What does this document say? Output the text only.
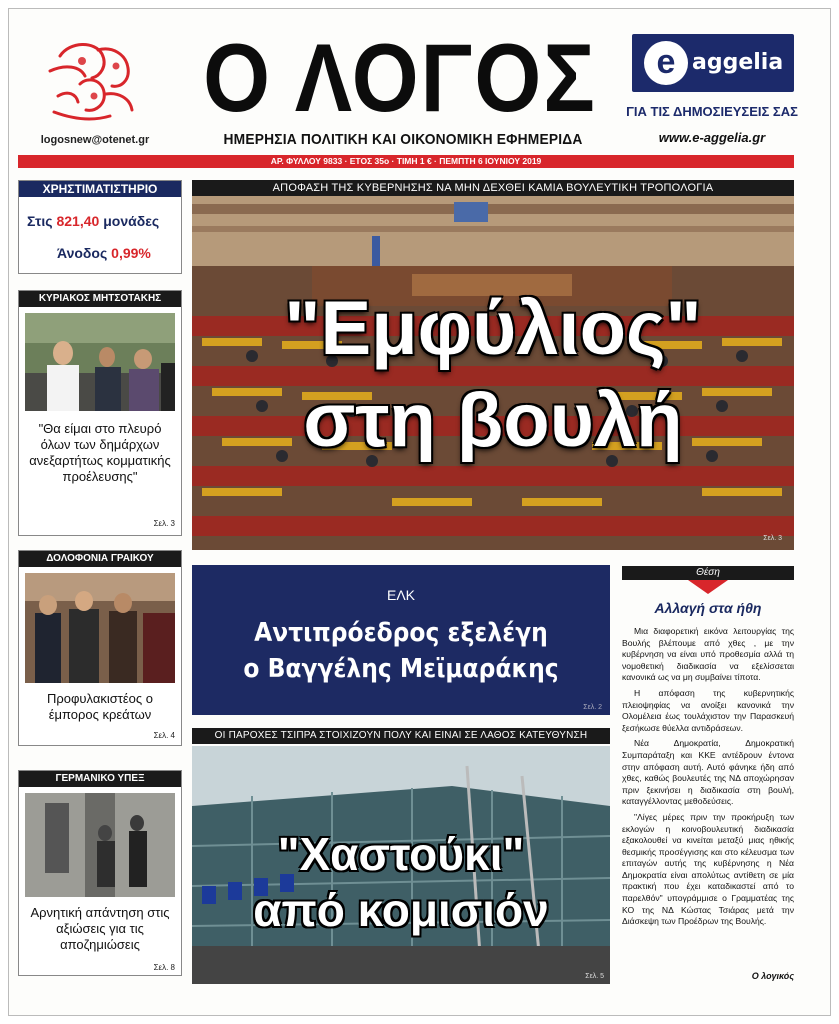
logosnew@otenet.gr
Ο ΛΟΓΟΣ
ΗΜΕΡΗΣΙΑ ΠΟΛΙΤΙΚΗ ΚΑΙ ΟΙΚΟΝΟΜΙΚΗ ΕΦΗΜΕΡΙΔΑ
e aggelia
ΓΙΑ ΤΙΣ ΔΗΜΟΣΙΕΥΣΕΙΣ ΣΑΣ
www.e-aggelia.gr
ΑΡ. ΦΥΛΛΟΥ 9833 · ΕΤΟΣ 35ο · ΤΙΜΗ 1 € · ΠΕΜΠΤΗ 6 ΙΟΥΝΙΟΥ 2019
ΧΡΗΣΤΙΜΑΤΙΣΤΗΡΙΟ
Στις 821,40 μονάδες
Άνοδος 0,99%
ΚΥΡΙΑΚΟΣ ΜΗΤΣΟΤΑΚΗΣ
"Θα είμαι στο πλευρό όλων των δημάρχων ανεξαρτήτως κομματικής προέλευσης"
Σελ. 3
ΔΟΛΟΦΟΝΙΑ ΓΡΑΙΚΟΥ
Προφυλακιστέος ο έμπορος κρεάτων
Σελ. 4
ΓΕΡΜΑΝΙΚΟ ΥΠΕΞ
Αρνητική απάντηση στις αξιώσεις για τις αποζημιώσεις
Σελ. 8
ΑΠΟΦΑΣΗ ΤΗΣ ΚΥΒΕΡΝΗΣΗΣ ΝΑ ΜΗΝ ΔΕΧΘΕΙ ΚΑΜΙΑ ΒΟΥΛΕΥΤΙΚΗ ΤΡΟΠΟΛΟΓΙΑ
"Εμφύλιος"
στη βουλή
Σελ. 3
ΕΛΚ
Αντιπρόεδρος εξελέγη
ο Βαγγέλης Μεϊμαράκης
Σελ. 2
ΟΙ ΠΑΡΟΧΕΣ ΤΣΙΠΡΑ ΣΤΟΙΧΙΖΟΥΝ ΠΟΛΥ ΚΑΙ ΕΙΝΑΙ ΣΕ ΛΑΘΟΣ ΚΑΤΕΥΘΥΝΣΗ
"Χαστούκι"
από κομισιόν
Σελ. 5
Θέση
Αλλαγή στα ήθη

Μια διαφορετική εικόνα λειτουργίας της Βουλής βλέπουμε από χθες , με την κυβέρνηση να είναι υπό προθεσμία αλλά τη νομοθετική διαδικασία να εξελίσσεται κανονικά ως να μη συμβαίνει τίποτα.

Η απόφαση της κυβερνητικής πλειοψηφίας να ανοίξει κανονικά την Ολομέλεια έως τουλάχιστον την Παρασκευή ξεσήκωσε θύελλα αντιδράσεων.

Νέα Δημοκρατία, Δημοκρατική Συμπαράταξη και ΚΚΕ αντέδρουν έντονα στην απόφαση αυτή. Αυτό φάνηκε ήδη από χθες, καθώς βουλευτές της ΝΔ αποχώρησαν πριν ξεκινήσει η διαδικασία στη βουλή, καταγγέλλοντας μεθοδεύσεις.

"Λίγες μέρες πριν την προκήρυξη των εκλογών η κοινοβουλευτική διαδικασία εξακολουθεί να κινείται μεταξύ μιας ηθικής θεσμικής προσέγγισης και στο κέλευσμα των επιταγών αυτής της κυβέρνησης η Νέα Δημοκρατία είναι απολύτως αντίθετη σε μία πρακτική που έχει καταδικαστεί από το παρελθόν" υπογράμμισε ο Γραμματέας της ΚΟ της ΝΔ Κώστας Τσιάρας μετά την Διάσκεψη των Προέδρων της Βουλής.

Ο λογικός
